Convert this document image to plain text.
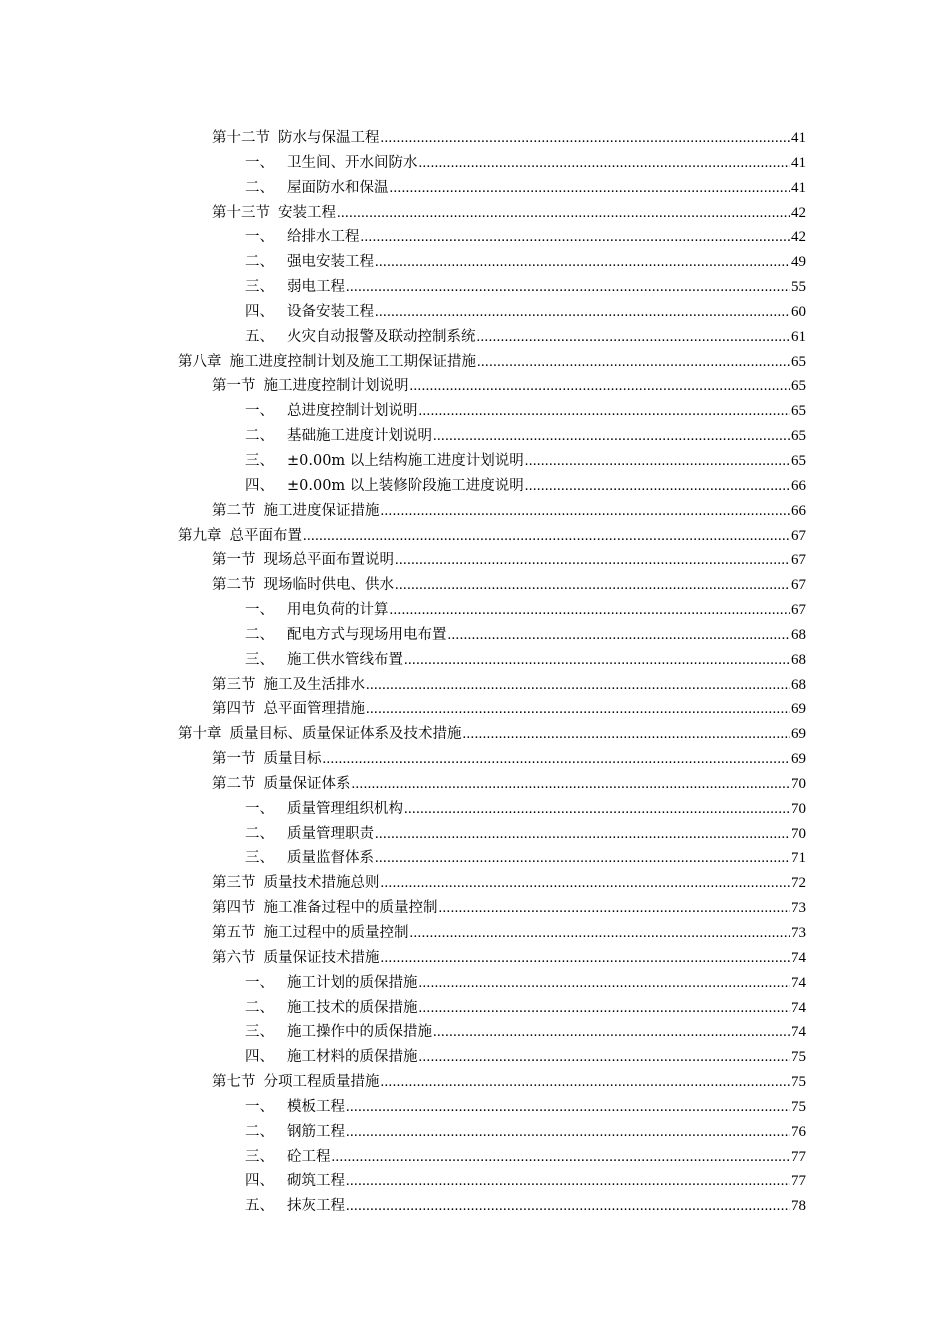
第十二节 防水与保温工程 .....	41
一、 卫生间、开水间防水 .....	41
二、 屋面防水和保温 .....	41
第十三节 安装工程 .....	42
一、 给排水工程 .....	42
二、 强电安装工程 .....	49
三、 弱电工程 .....	55
四、 设备安装工程 .....	60
五、 火灾自动报警及联动控制系统 .....	61
第八章 施工进度控制计划及施工工期保证措施 .....	65
第一节 施工进度控制计划说明 .....	65
一、 总进度控制计划说明 .....	65
二、 基础施工进度计划说明 .....	65
三、 ±0.00m 以上结构施工进度计划说明 .....	65
四、 ±0.00m 以上装修阶段施工进度说明 .....	66
第二节 施工进度保证措施 .....	66
第九章 总平面布置 .....	67
第一节 现场总平面布置说明 .....	67
第二节 现场临时供电、供水 .....	67
一、 用电负荷的计算 .....	67
二、 配电方式与现场用电布置 .....	68
三、 施工供水管线布置 .....	68
第三节 施工及生活排水 .....	68
第四节 总平面管理措施 .....	69
第十章 质量目标、质量保证体系及技术措施 .....	69
第一节 质量目标 .....	69
第二节 质量保证体系 .....	70
一、 质量管理组织机构 .....	70
二、 质量管理职责 .....	70
三、 质量监督体系 .....	71
第三节 质量技术措施总则 .....	72
第四节 施工准备过程中的质量控制 .....	73
第五节 施工过程中的质量控制 .....	73
第六节 质量保证技术措施 .....	74
一、 施工计划的质保措施 .....	74
二、 施工技术的质保措施 .....	74
三、 施工操作中的质保措施 .....	74
四、 施工材料的质保措施 .....	75
第七节 分项工程质量措施 .....	75
一、 模板工程 .....	75
二、 钢筋工程 .....	76
三、 砼工程 .....	77
四、 砌筑工程 .....	77
五、 抹灰工程 .....	78
